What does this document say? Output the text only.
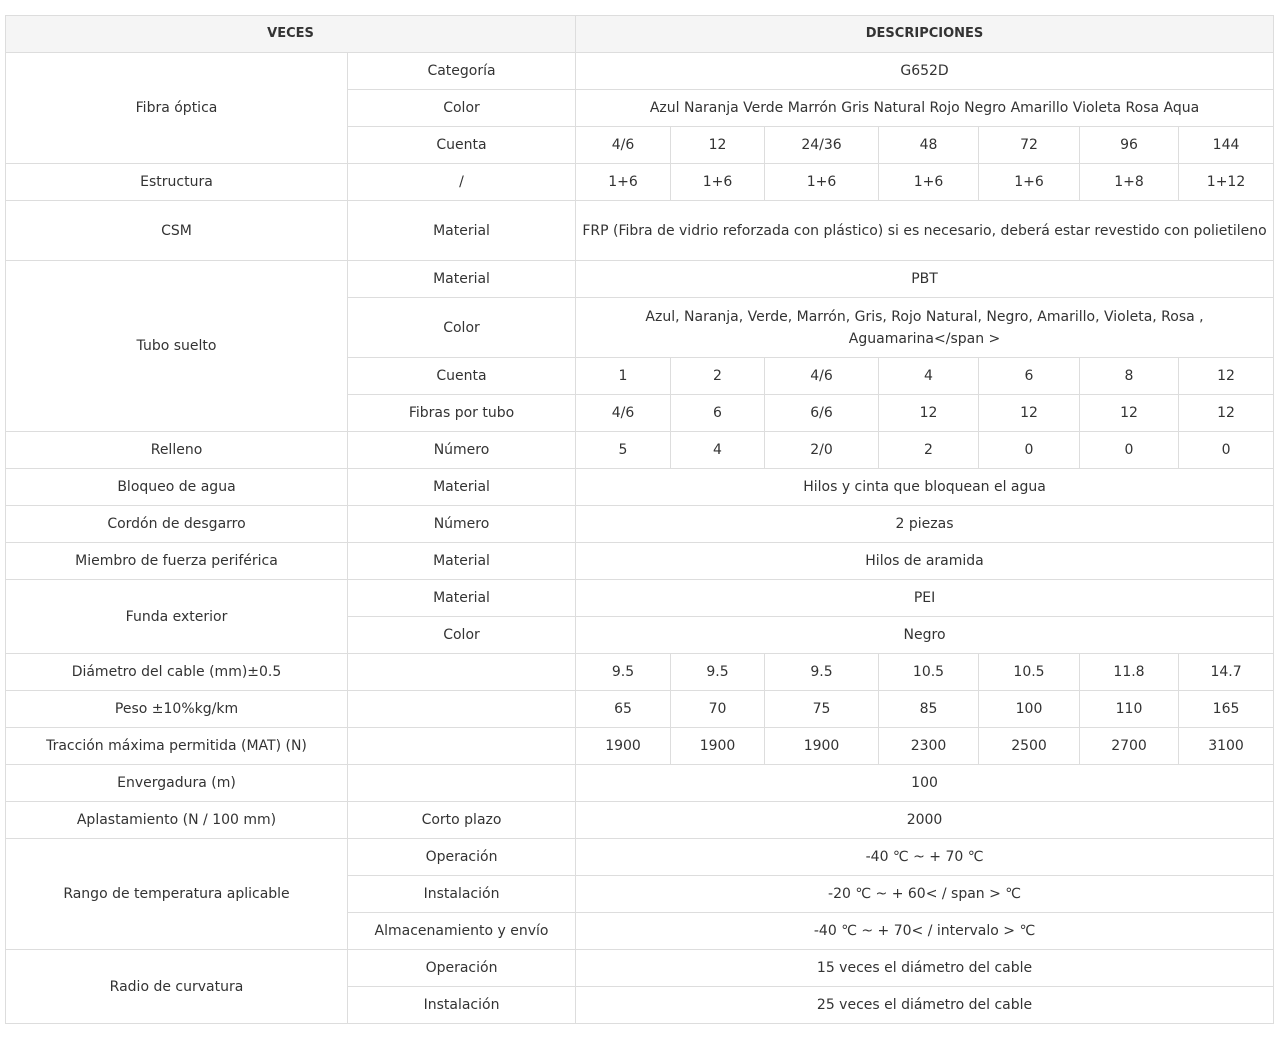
VECES		DESCRIPCIONES						
Fibra óptica	Categoría	G652D						
	Color	Azul Naranja Verde Marrón Gris Natural Rojo Negro Amarillo Violeta Rosa Aqua						
	Cuenta	4/6	12	24/36	48	72	96	144
Estructura	/	1+6	1+6	1+6	1+6	1+6	1+8	1+12
CSM	Material	FRP (Fibra de vidrio reforzada con plástico) si es necesario, deberá estar revestido con polietileno						
Tubo suelto	Material	PBT						
	Color	Azul, Naranja, Verde, Marrón, Gris, Rojo Natural, Negro, Amarillo, Violeta, Rosa , Aguamarina</span >						
	Cuenta	1	2	4/6	4	6	8	12
	Fibras por tubo	4/6	6	6/6	12	12	12	12
Relleno	Número	5	4	2/0	2	0	0	0
Bloqueo de agua	Material	Hilos y cinta que bloquean el agua						
Cordón de desgarro	Número	2 piezas						
Miembro de fuerza periférica	Material	Hilos de aramida						
Funda exterior	Material	PEI						
	Color	Negro						
Diámetro del cable (mm)±0.5		9.5	9.5	9.5	10.5	10.5	11.8	14.7
Peso ±10%kg/km		65	70	75	85	100	110	165
Tracción máxima permitida (MAT) (N)		1900	1900	1900	2300	2500	2700	3100
Envergadura (m)		100						
Aplastamiento (N / 100 mm)	Corto plazo	2000						
Rango de temperatura aplicable	Operación	-40 ℃ ~ + 70 ℃						
	Instalación	-20 ℃ ~ + 60< / span > ℃						
	Almacenamiento y envío	-40 ℃ ~ + 70< / intervalo > ℃						
Radio de curvatura	Operación	15 veces el diámetro del cable						
	Instalación	25 veces el diámetro del cable						
